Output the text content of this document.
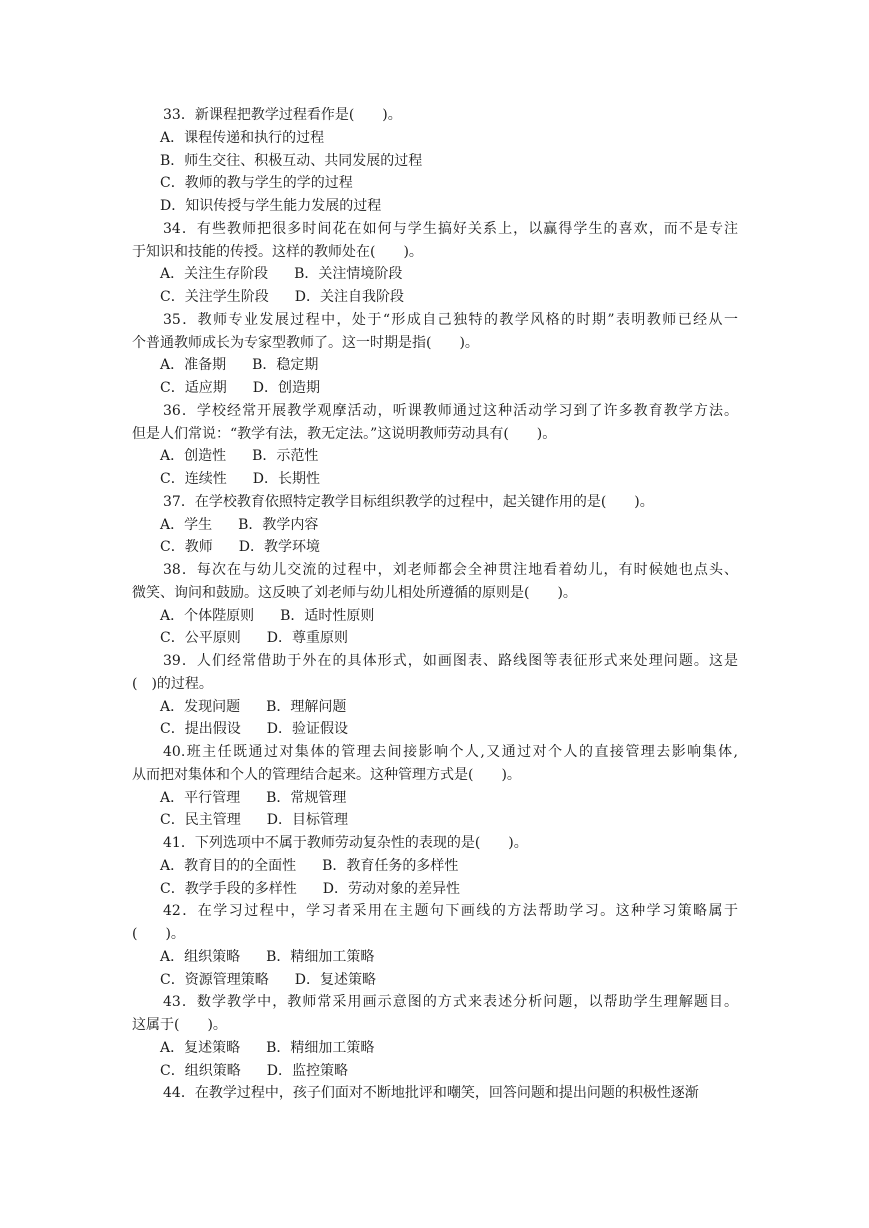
33．新课程把教学过程看作是(　　)。
A．课程传递和执行的过程
B．师生交往、积极互动、共同发展的过程
C．教师的教与学生的学的过程
D．知识传授与学生能力发展的过程
34．有些教师把很多时间花在如何与学生搞好关系上，以赢得学生的喜欢，而不是专注
于知识和技能的传授。这样的教师处在(　　)。
A．关注生存阶段 B．关注情境阶段
C．关注学生阶段 D．关注自我阶段
35．教师专业发展过程中，处于“形成自己独特的教学风格的时期”表明教师已经从一
个普通教师成长为专家型教师了。这一时期是指(　　)。
A．准备期 B．稳定期
C．适应期 D．创造期
36．学校经常开展教学观摩活动，听课教师通过这种活动学习到了许多教育教学方法。
但是人们常说：“教学有法，教无定法。”这说明教师劳动具有(　　)。
A．创造性 B．示范性
C．连续性 D．长期性
37．在学校教育依照特定教学目标组织教学的过程中，起关键作用的是(　　)。
A．学生 B．教学内容
C．教师 D．教学环境
38．每次在与幼儿交流的过程中，刘老师都会全神贯注地看着幼儿，有时候她也点头、
微笑、询问和鼓励。这反映了刘老师与幼儿相处所遵循的原则是(　　)。
A．个体陛原则 B．适时性原则
C．公平原则 D．尊重原则
39．人们经常借助于外在的具体形式，如画图表、路线图等表征形式来处理问题。这是
(　)的过程。
A．发现问题 B．理解问题
C．提出假设 D．验证假设
40.班主任既通过对集体的管理去间接影响个人,又通过对个人的直接管理去影响集体,
从而把对集体和个人的管理结合起来。这种管理方式是(　　)。
A．平行管理 B．常规管理
C．民主管理 D．目标管理
41．下列选项中不属于教师劳动复杂性的表现的是(　　)。
A．教育目的的全面性 B．教育任务的多样性
C．教学手段的多样性 D．劳动对象的差异性
42．在学习过程中，学习者采用在主题句下画线的方法帮助学习。这种学习策略属于
(　　)。
A．组织策略 B．精细加工策略
C．资源管理策略 D．复述策略
43．数学教学中，教师常采用画示意图的方式来表述分析问题，以帮助学生理解题目。
这属于(　　)。
A．复述策略 B．精细加工策略
C．组织策略 D．监控策略
44．在教学过程中，孩子们面对不断地批评和嘲笑，回答问题和提出问题的积极性逐渐
